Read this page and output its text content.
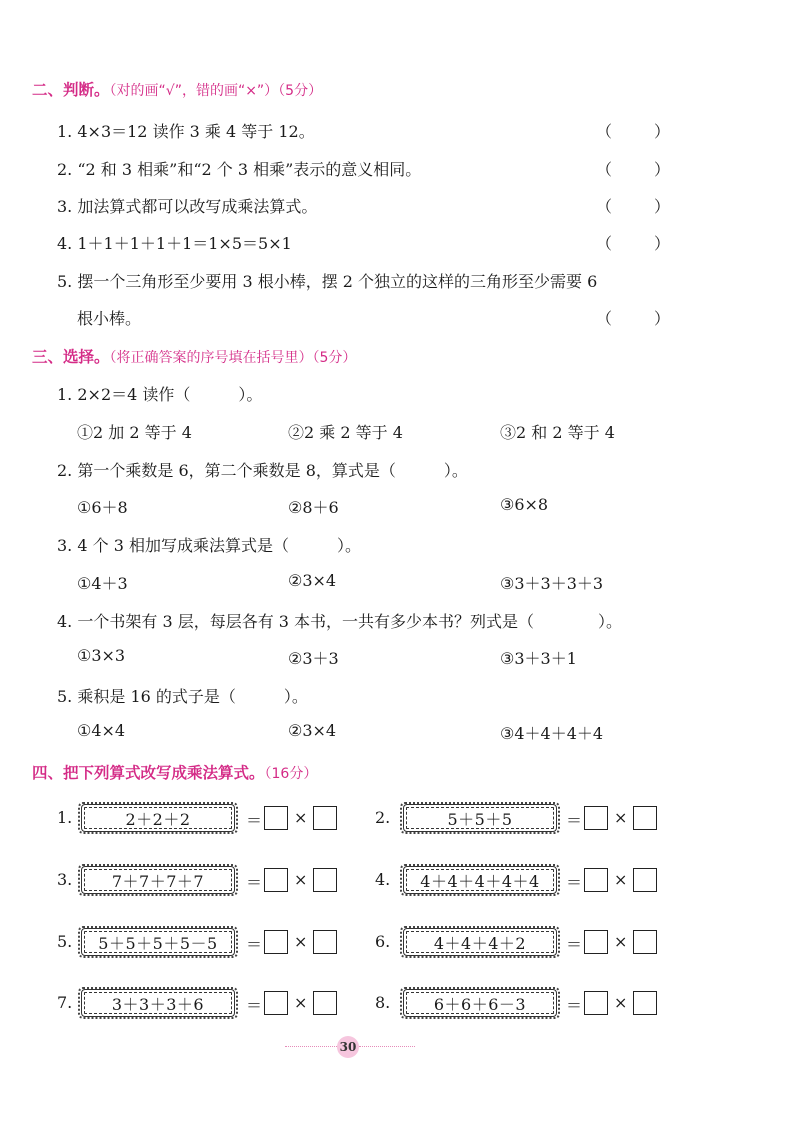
二、判断。（对的画“√”，错的画“×”）（5分）
1. 4×3＝12 读作 3 乘 4 等于 12。	（	）
2. “2 和 3 相乘”和“2 个 3 相乘”表示的意义相同。	（	）
3. 加法算式都可以改写成乘法算式。	（	）
4. 1＋1＋1＋1＋1＝1×5＝5×1	（	）
5. 摆一个三角形至少要用 3 根小棒，摆 2 个独立的这样的三角形至少需要 6
根小棒。	（	）
三、选择。（将正确答案的序号填在括号里）（5分）
1. 2×2＝4 读作（　　　）。
①2 加 2 等于 4	②2 乘 2 等于 4	③2 和 2 等于 4
2. 第一个乘数是 6，第二个乘数是 8，算式是（　　　）。
①6＋8	②8＋6	③6×8
3. 4 个 3 相加写成乘法算式是（　　　）。
①4＋3	②3×4	③3＋3＋3＋3
4. 一个书架有 3 层，每层各有 3 本书，一共有多少本书？列式是（　　　　）。
①3×3	②3＋3	③3＋3＋1
5. 乘积是 16 的式子是（　　　）。
①4×4	②3×4	③4＋4＋4＋4
四、把下列算式改写成乘法算式。（16分）
1.	2＋2＋2	＝ ×	2.	5＋5＋5	＝ ×
3.	7＋7＋7＋7	＝ ×	4.	4＋4＋4＋4＋4	＝ ×
5.	5＋5＋5＋5－5	＝ ×	6.	4＋4＋4＋2	＝ ×
7.	3＋3＋3＋6	＝ ×	8.	6＋6＋6－3	＝ ×
30
